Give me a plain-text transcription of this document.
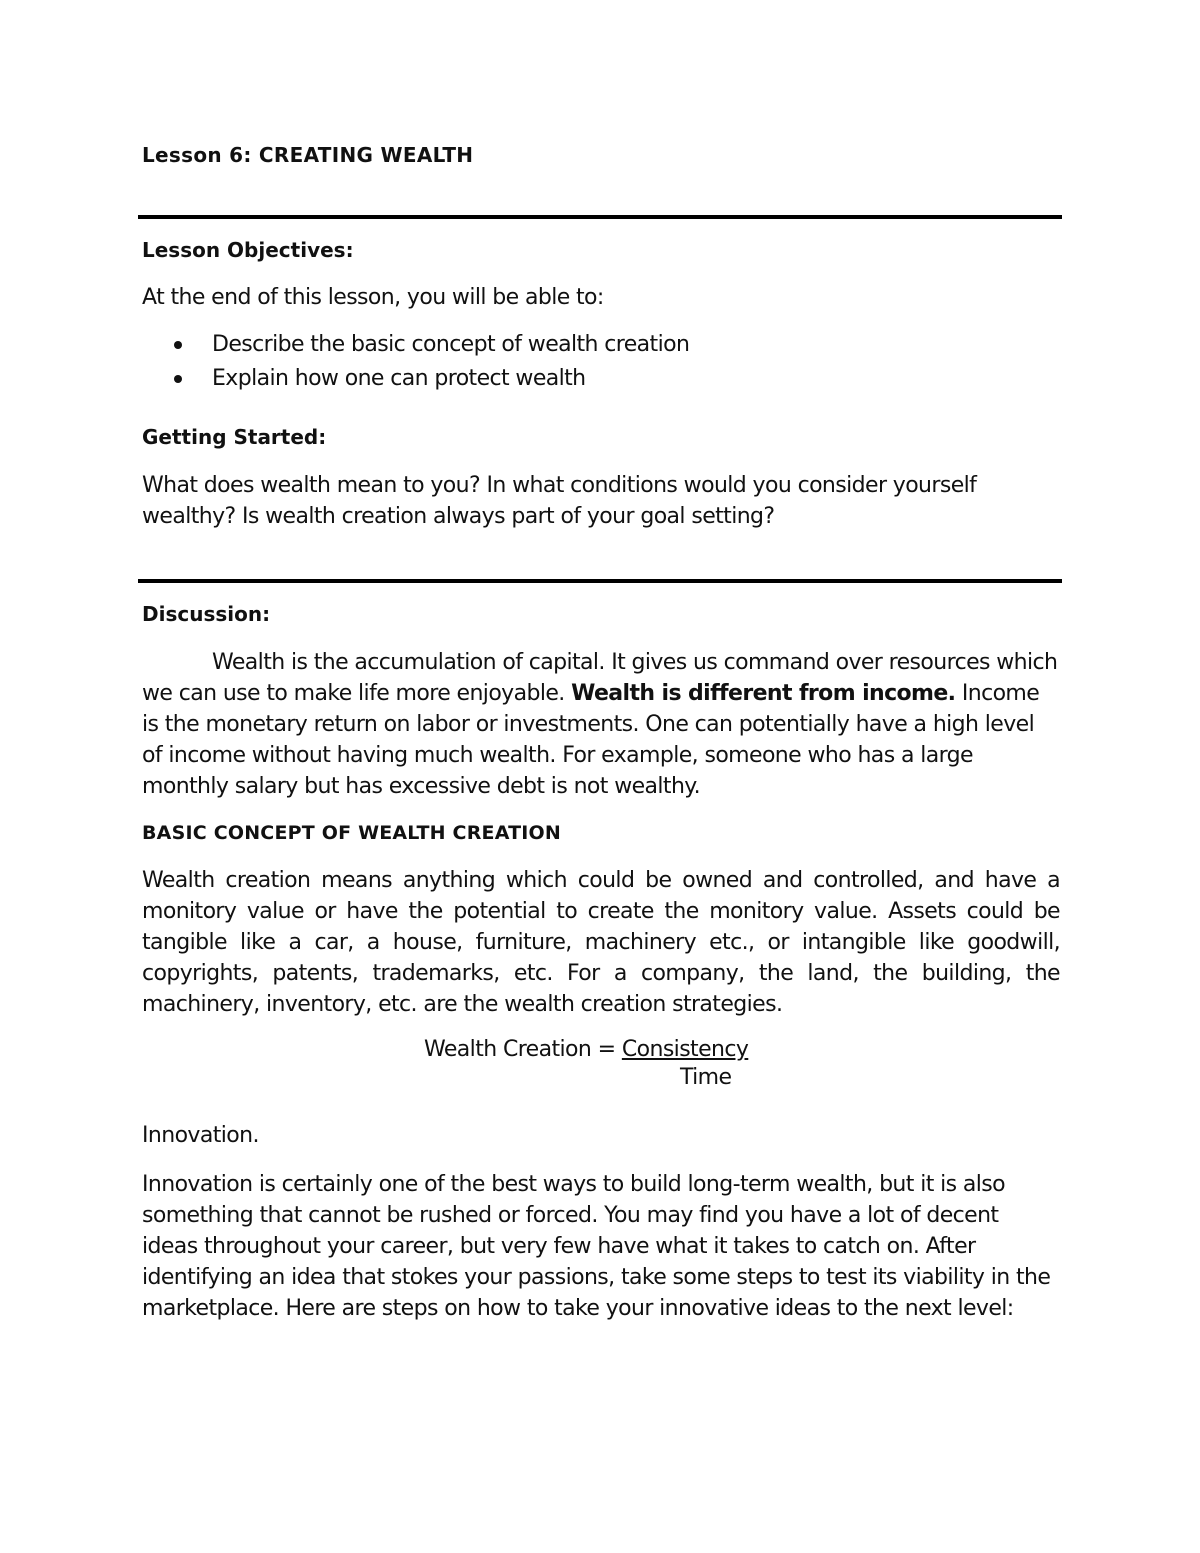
Lesson 6: CREATING WEALTH
Lesson Objectives:
At the end of this lesson, you will be able to:
Describe the basic concept of wealth creation
Explain how one can protect wealth
Getting Started:
What does wealth mean to you? In what conditions would you consider yourself wealthy? Is wealth creation always part of your goal setting?
Discussion:
Wealth is the accumulation of capital. It gives us command over resources which we can use to make life more enjoyable. Wealth is different from income. Income is the monetary return on labor or investments. One can potentially have a high level of income without having much wealth. For example, someone who has a large monthly salary but has excessive debt is not wealthy.
BASIC CONCEPT OF WEALTH CREATION
Wealth creation means anything which could be owned and controlled, and have a monitory value or have the potential to create the monitory value. Assets could be tangible like a car, a house, furniture, machinery etc., or intangible like goodwill, copyrights, patents, trademarks, etc. For a company, the land, the building, the machinery, inventory, etc. are the wealth creation strategies.
Wealth Creation = Consistency
Time
Innovation.
Innovation is certainly one of the best ways to build long-term wealth, but it is also something that cannot be rushed or forced. You may find you have a lot of decent ideas throughout your career, but very few have what it takes to catch on. After identifying an idea that stokes your passions, take some steps to test its viability in the marketplace. Here are steps on how to take your innovative ideas to the next level:
